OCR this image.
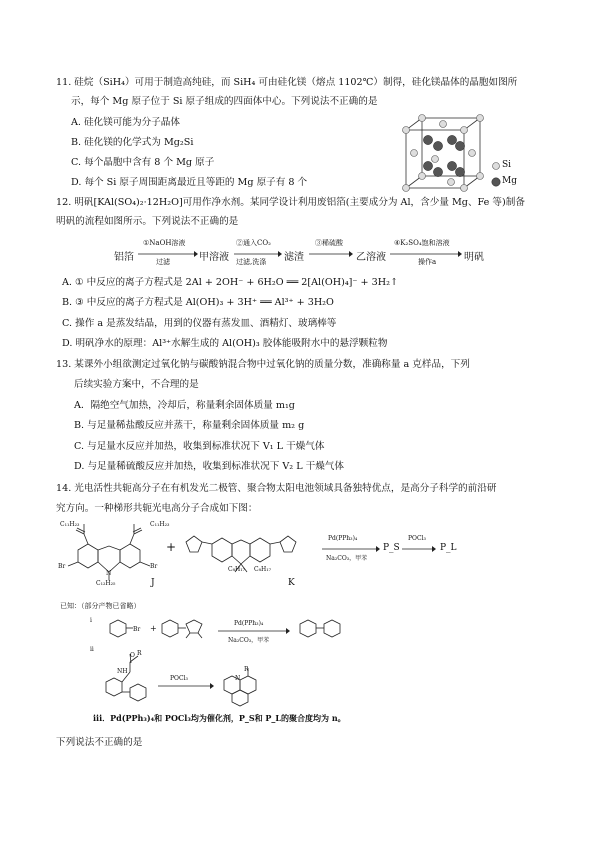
11. 硅烷（SiH₄）可用于制造高纯硅，而 SiH₄ 可由硅化镁（熔点 1102℃）制得，硅化镁晶体的晶胞如图所
示，每个 Mg 原子位于 Si 原子组成的四面体中心。下列说法不正确的是
A. 硅化镁可能为分子晶体
B. 硅化镁的化学式为 Mg₂Si
C. 每个晶胞中含有 8 个 Mg 原子
D. 每个 Si 原子周围距离最近且等距的 Mg 原子有 8 个
Si
Mg
12. 明矾[KAl(SO₄)₂·12H₂O]可用作净水剂。某同学设计利用废铝箔(主要成分为 Al，含少量 Mg、Fe 等)制备
明矾的流程如图所示。下列说法不正确的是
铝箔
①NaOH溶液
过滤	甲溶液
②通入CO₂
过滤,洗涤 滤渣
③稀硫酸
乙溶液
④K₂SO₄饱和溶液
操作a	明矾
A. ① 中反应的离子方程式是 2Al + 2OH⁻ + 6H₂O ══ 2[Al(OH)₄]⁻ + 3H₂↑
B. ③ 中反应的离子方程式是 Al(OH)₃ + 3H⁺ ══ Al³⁺ + 3H₂O
C. 操作 a 是蒸发结晶，用到的仪器有蒸发皿、酒精灯、玻璃棒等
D. 明矾净水的原理：Al³⁺水解生成的 Al(OH)₃ 胶体能吸附水中的悬浮颗粒物
13. 某课外小组欲测定过氧化钠与碳酸钠混合物中过氧化钠的质量分数，准确称量 a 克样品，下列
后续实验方案中，不合理的是
A．隔绝空气加热，冷却后，称量剩余固体质量 m₁g
B. 与足量稀盐酸反应并蒸干，称量剩余固体质量 m₂ g
C. 与足量水反应并加热，收集到标准状况下 V₁ L 干燥气体
D. 与足量稀硫酸反应并加热，收集到标准状况下 V₂ L 干燥气体
14. 光电活性共轭高分子在有机发光二极管、聚合物太阳电池领域具备独特优点，是高分子科学的前沿研
究方向。一种梯形共轭光电高分子合成如下图：
C₁₁H₂₃	C₁₁H₂₃
Br	Br
N
C₁₂H₂₅	J
+
C₈H₁₇ C₈H₁₇
K
Pd(PPh₃)₄
Na₂CO₃，甲苯
P_S
POCl₃
P_L
已知：（部分产物已省略）
i
Br +
Pd(PPh₃)₄
Na₂CO₃，甲苯
ii
O R
NH
POCl₃
R
N
iii．Pd(PPh₃)₄和 POCl₃均为催化剂，P_S和 P_L的聚合度均为 n。
下列说法不正确的是
